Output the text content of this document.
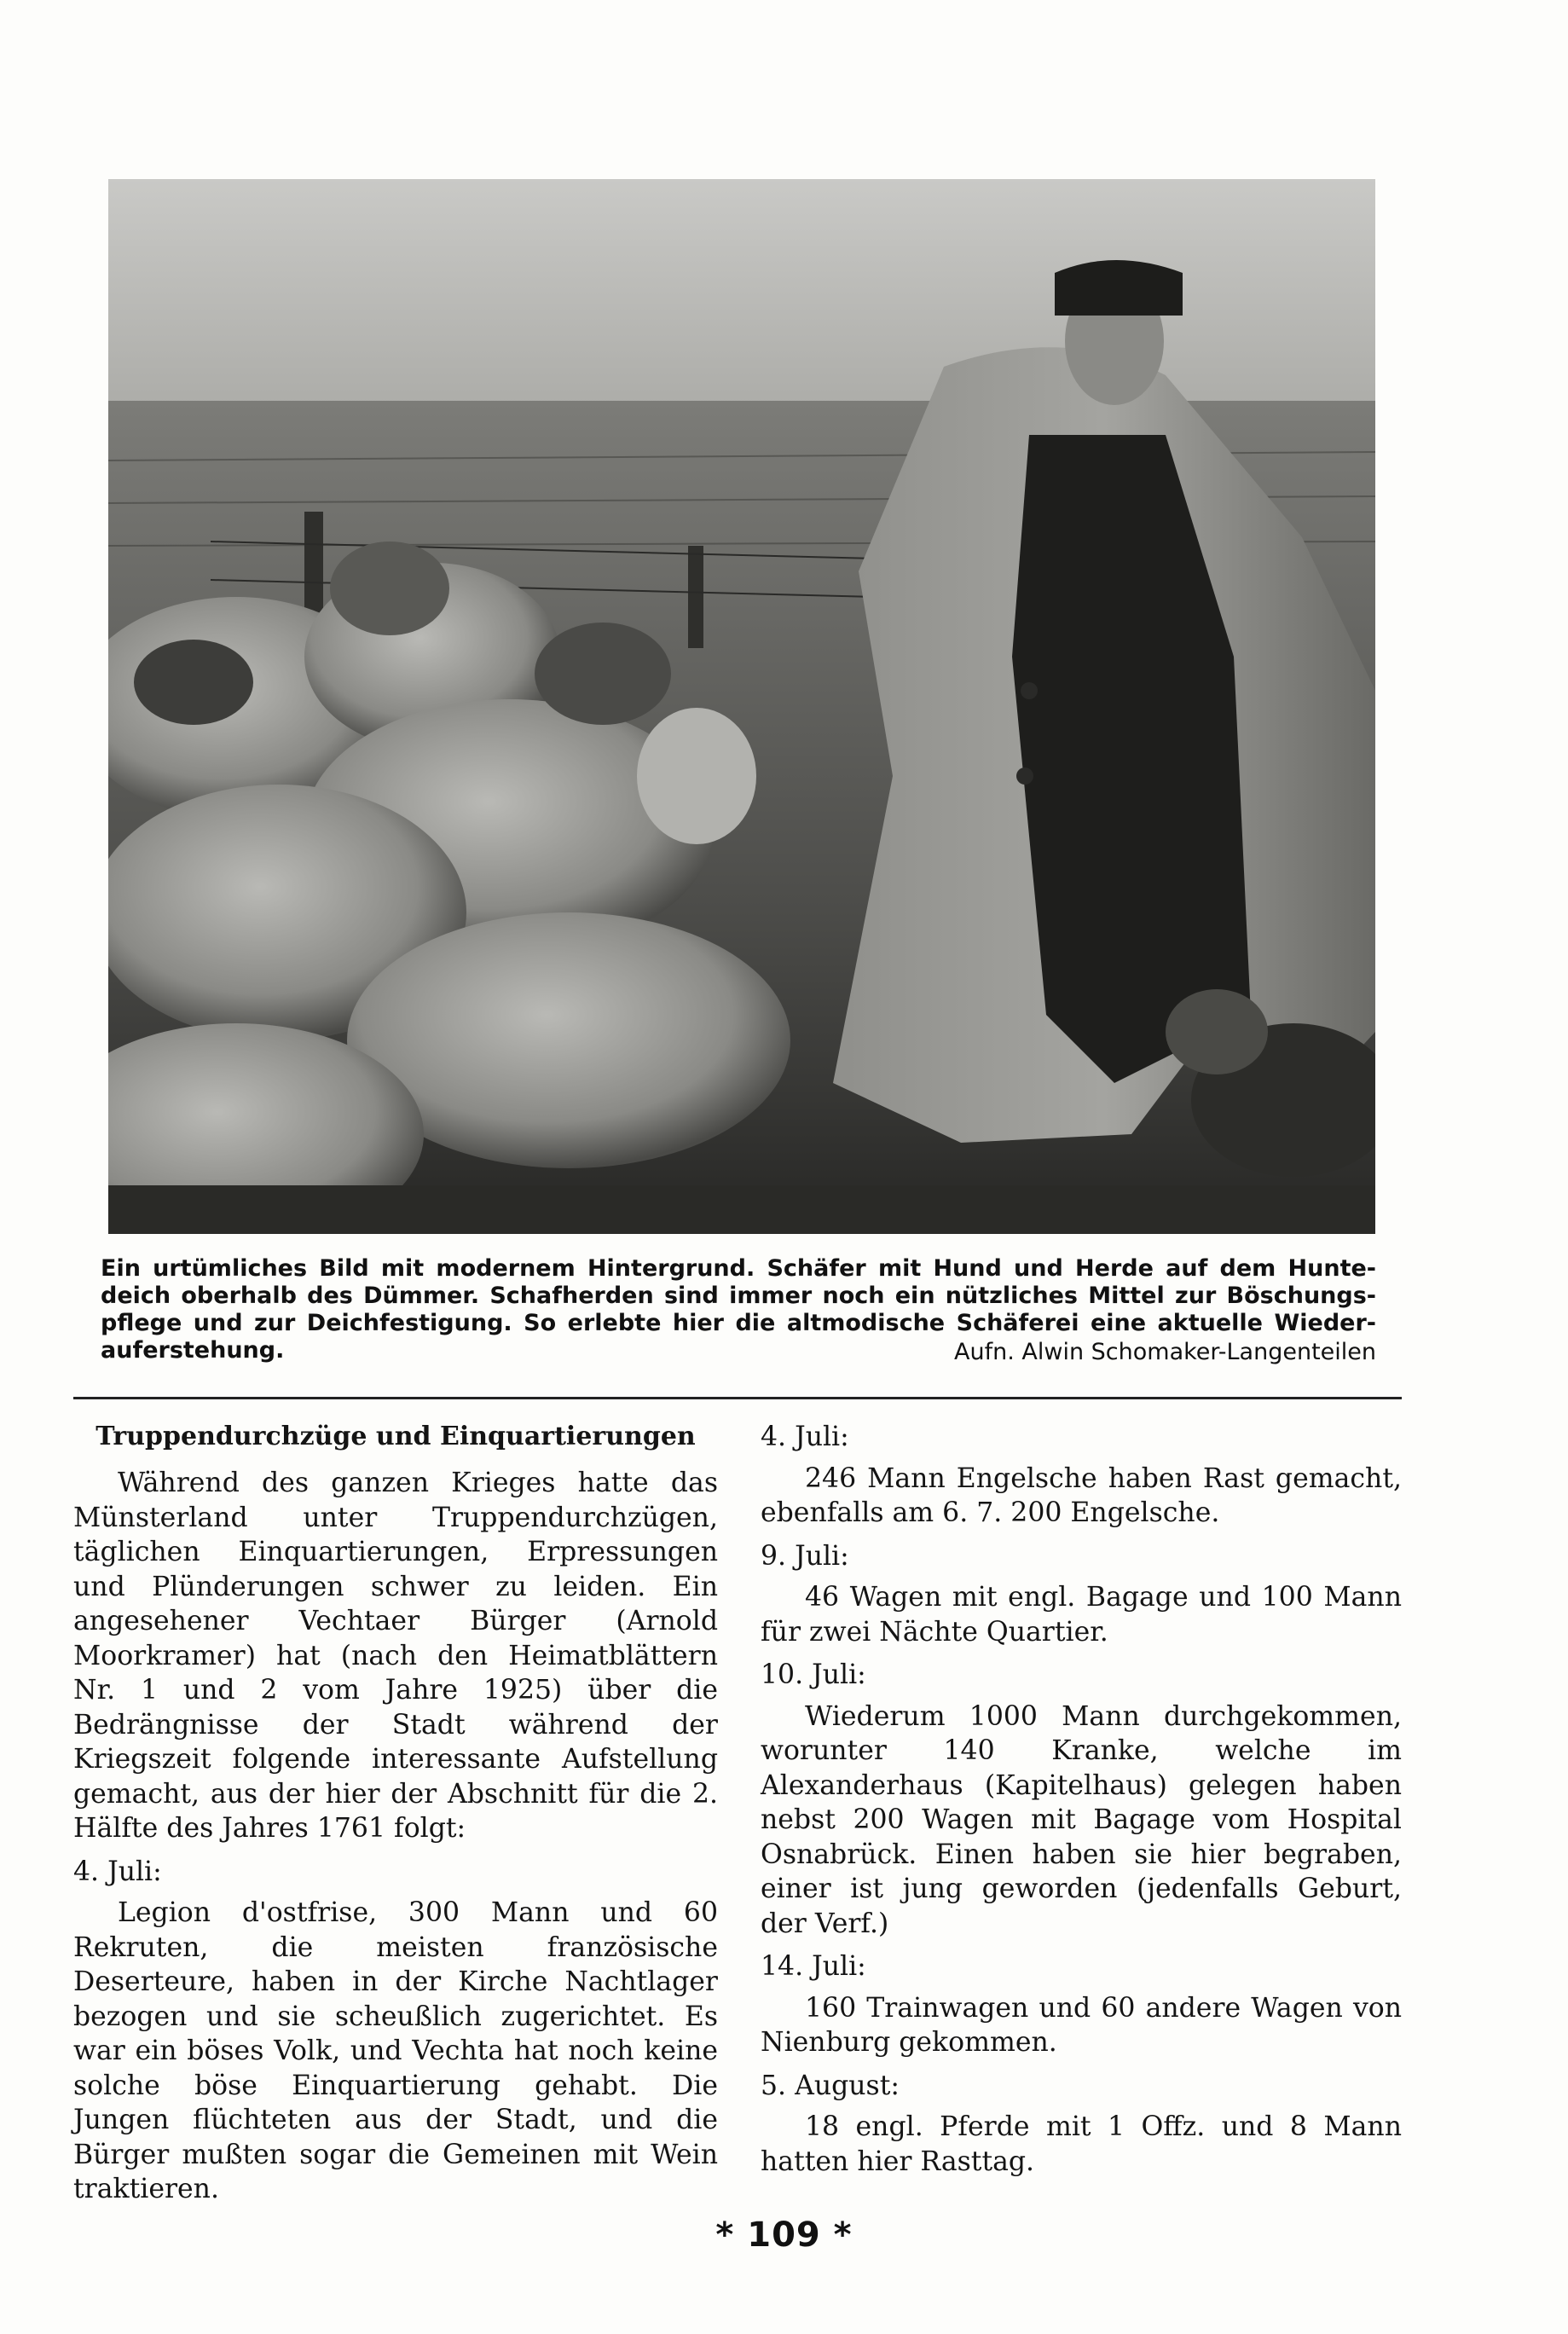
Ein urtümliches Bild mit modernem Hintergrund. Schäfer mit Hund und Herde auf dem Hunte-deich oberhalb des Dümmer. Schafherden sind immer noch ein nützliches Mittel zur Böschungs-pflege und zur Deichfestigung. So erlebte hier die altmodische Schäferei eine aktuelle Wieder-auferstehung.	Aufn. Alwin Schomaker-Langenteilen
Truppendurchzüge und Einquartierungen

Während des ganzen Krieges hatte das Münsterland unter Truppendurchzügen, täglichen Einquartierungen, Erpressungen und Plünderungen schwer zu leiden. Ein angesehener Vechtaer Bürger (Arnold Moorkramer) hat (nach den Heimatblättern Nr. 1 und 2 vom Jahre 1925) über die Bedrängnisse der Stadt während der Kriegszeit folgende interessante Aufstellung gemacht, aus der hier der Abschnitt für die 2. Hälfte des Jahres 1761 folgt:

4. Juli:

Legion d'ostfrise, 300 Mann und 60 Rekruten, die meisten französische Deserteure, haben in der Kirche Nachtlager bezogen und sie scheußlich zugerichtet. Es war ein böses Volk, und Vechta hat noch keine solche böse Einquartierung gehabt. Die Jungen flüchteten aus der Stadt, und die Bürger mußten sogar die Gemeinen mit Wein traktieren.

4. Juli:

246 Mann Engelsche haben Rast gemacht, ebenfalls am 6. 7. 200 Engelsche.

9. Juli:

46 Wagen mit engl. Bagage und 100 Mann für zwei Nächte Quartier.

10. Juli:

Wiederum 1000 Mann durchgekommen, worunter 140 Kranke, welche im Alexanderhaus (Kapitelhaus) gelegen haben nebst 200 Wagen mit Bagage vom Hospital Osnabrück. Einen haben sie hier begraben, einer ist jung geworden (jedenfalls Geburt, der Verf.)

14. Juli:

160 Trainwagen und 60 andere Wagen von Nienburg gekommen.

5. August:

18 engl. Pferde mit 1 Offz. und 8 Mann hatten hier Rasttag.

* 109 *
